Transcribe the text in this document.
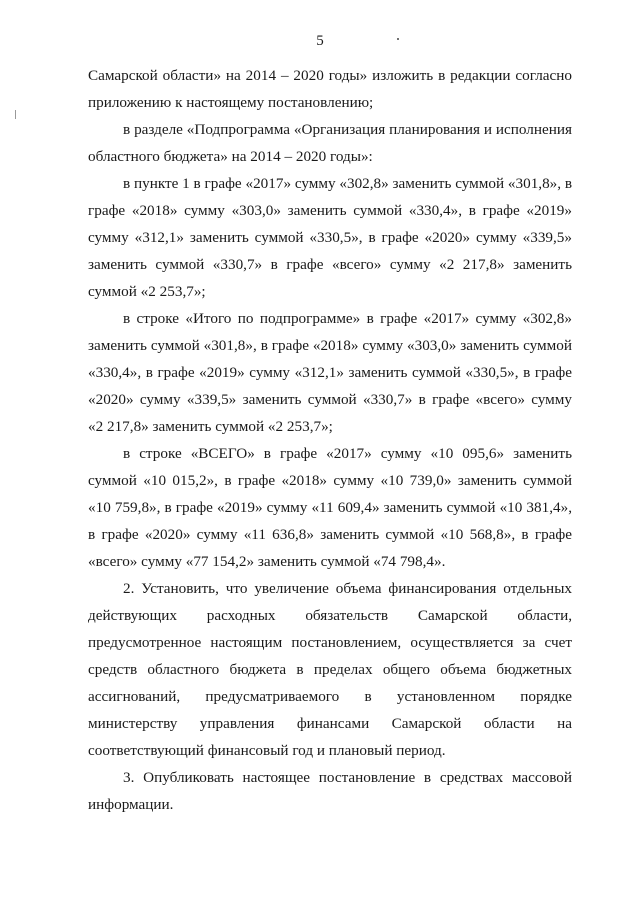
5
Самарской области» на 2014 – 2020 годы» изложить в редакции согласно
приложению к настоящему постановлению;
в разделе «Подпрограмма «Организация планирования и исполнения
областного бюджета» на 2014 – 2020 годы»:
в пункте 1 в графе «2017» сумму «302,8» заменить суммой «301,8», в
графе «2018» сумму «303,0» заменить суммой «330,4», в графе «2019»
сумму «312,1» заменить суммой «330,5», в графе «2020» сумму «339,5»
заменить суммой «330,7» в графе «всего» сумму «2 217,8» заменить
суммой «2 253,7»;
в строке «Итого по подпрограмме» в графе «2017» сумму «302,8»
заменить суммой «301,8», в графе «2018» сумму «303,0» заменить суммой
«330,4», в графе «2019» сумму «312,1» заменить суммой «330,5», в графе
«2020» сумму «339,5» заменить суммой «330,7» в графе «всего» сумму
«2 217,8» заменить суммой «2 253,7»;
в строке «ВСЕГО» в графе «2017» сумму «10 095,6» заменить
суммой «10 015,2», в графе «2018» сумму «10 739,0» заменить суммой
«10 759,8», в графе «2019» сумму «11 609,4» заменить суммой «10 381,4»,
в графе «2020» сумму «11 636,8» заменить суммой «10 568,8», в графе
«всего» сумму «77 154,2» заменить суммой «74 798,4».
2. Установить, что увеличение объема финансирования отдельных
действующих расходных обязательств Самарской области,
предусмотренное настоящим постановлением, осуществляется за счет
средств областного бюджета в пределах общего объема бюджетных
ассигнований, предусматриваемого в установленном порядке
министерству управления финансами Самарской области на
соответствующий финансовый год и плановый период.
3. Опубликовать настоящее постановление в средствах массовой
информации.
